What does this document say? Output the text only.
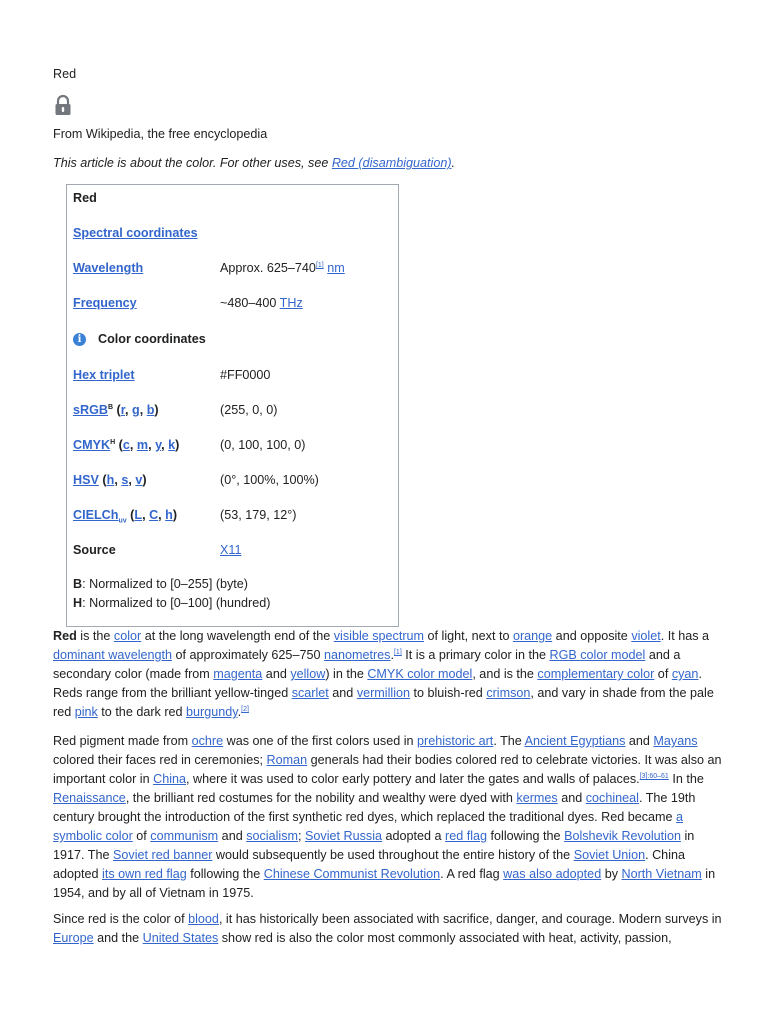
Red
From Wikipedia, the free encyclopedia
This article is about the color. For other uses, see Red (disambiguation).
Red
Spectral coordinates
Wavelength	Approx. 625–740[1] nm
Frequency	~480–400 THz
i Color coordinates
Hex triplet	#FF0000
sRGB$^B$ (r, g, b)	(255, 0, 0)
$CMYK^H$ (c, m, y, k)	(0, 100, 100, 0)
HSV (h, s, v)	(0°, 100%, 100%)
CIELCh$_{uv}$ (L, C, h)	(53, 179, 12°)
Source	X11
B: Normalized to [0–255] (byte)
H: Normalized to [0–100] (hundred)
Red is the color at the long wavelength end of the visible spectrum of light, next to orange and opposite violet. It has a dominant wavelength of approximately 625–750 nanometres.[1] It is a primary color in the RGB color model and a secondary color (made from magenta and yellow) in the CMYK color model, and is the complementary color of cyan. Reds range from the brilliant yellow-tinged scarlet and vermillion to bluish-red crimson, and vary in shade from the pale red pink to the dark red burgundy.[2]
Red pigment made from ochre was one of the first colors used in prehistoric art. The Ancient Egyptians and Mayans colored their faces red in ceremonies; Roman generals had their bodies colored red to celebrate victories. It was also an important color in China, where it was used to color early pottery and later the gates and walls of palaces.$^{[3]:60-61}$ In the Renaissance, the brilliant red costumes for the nobility and wealthy were dyed with kermes and cochineal. The 19th century brought the introduction of the first synthetic red dyes, which replaced the traditional dyes. Red became a symbolic color of communism and socialism; Soviet Russia adopted a red flag following the Bolshevik Revolution in 1917. The Soviet red banner would subsequently be used throughout the entire history of the Soviet Union. China adopted its own red flag following the Chinese Communist Revolution. A red flag was also adopted by North Vietnam in 1954, and by all of Vietnam in 1975.
Since red is the color of blood, it has historically been associated with sacrifice, danger, and courage. Modern surveys in Europe and the United States show red is also the color most commonly associated with heat, activity, passion,
